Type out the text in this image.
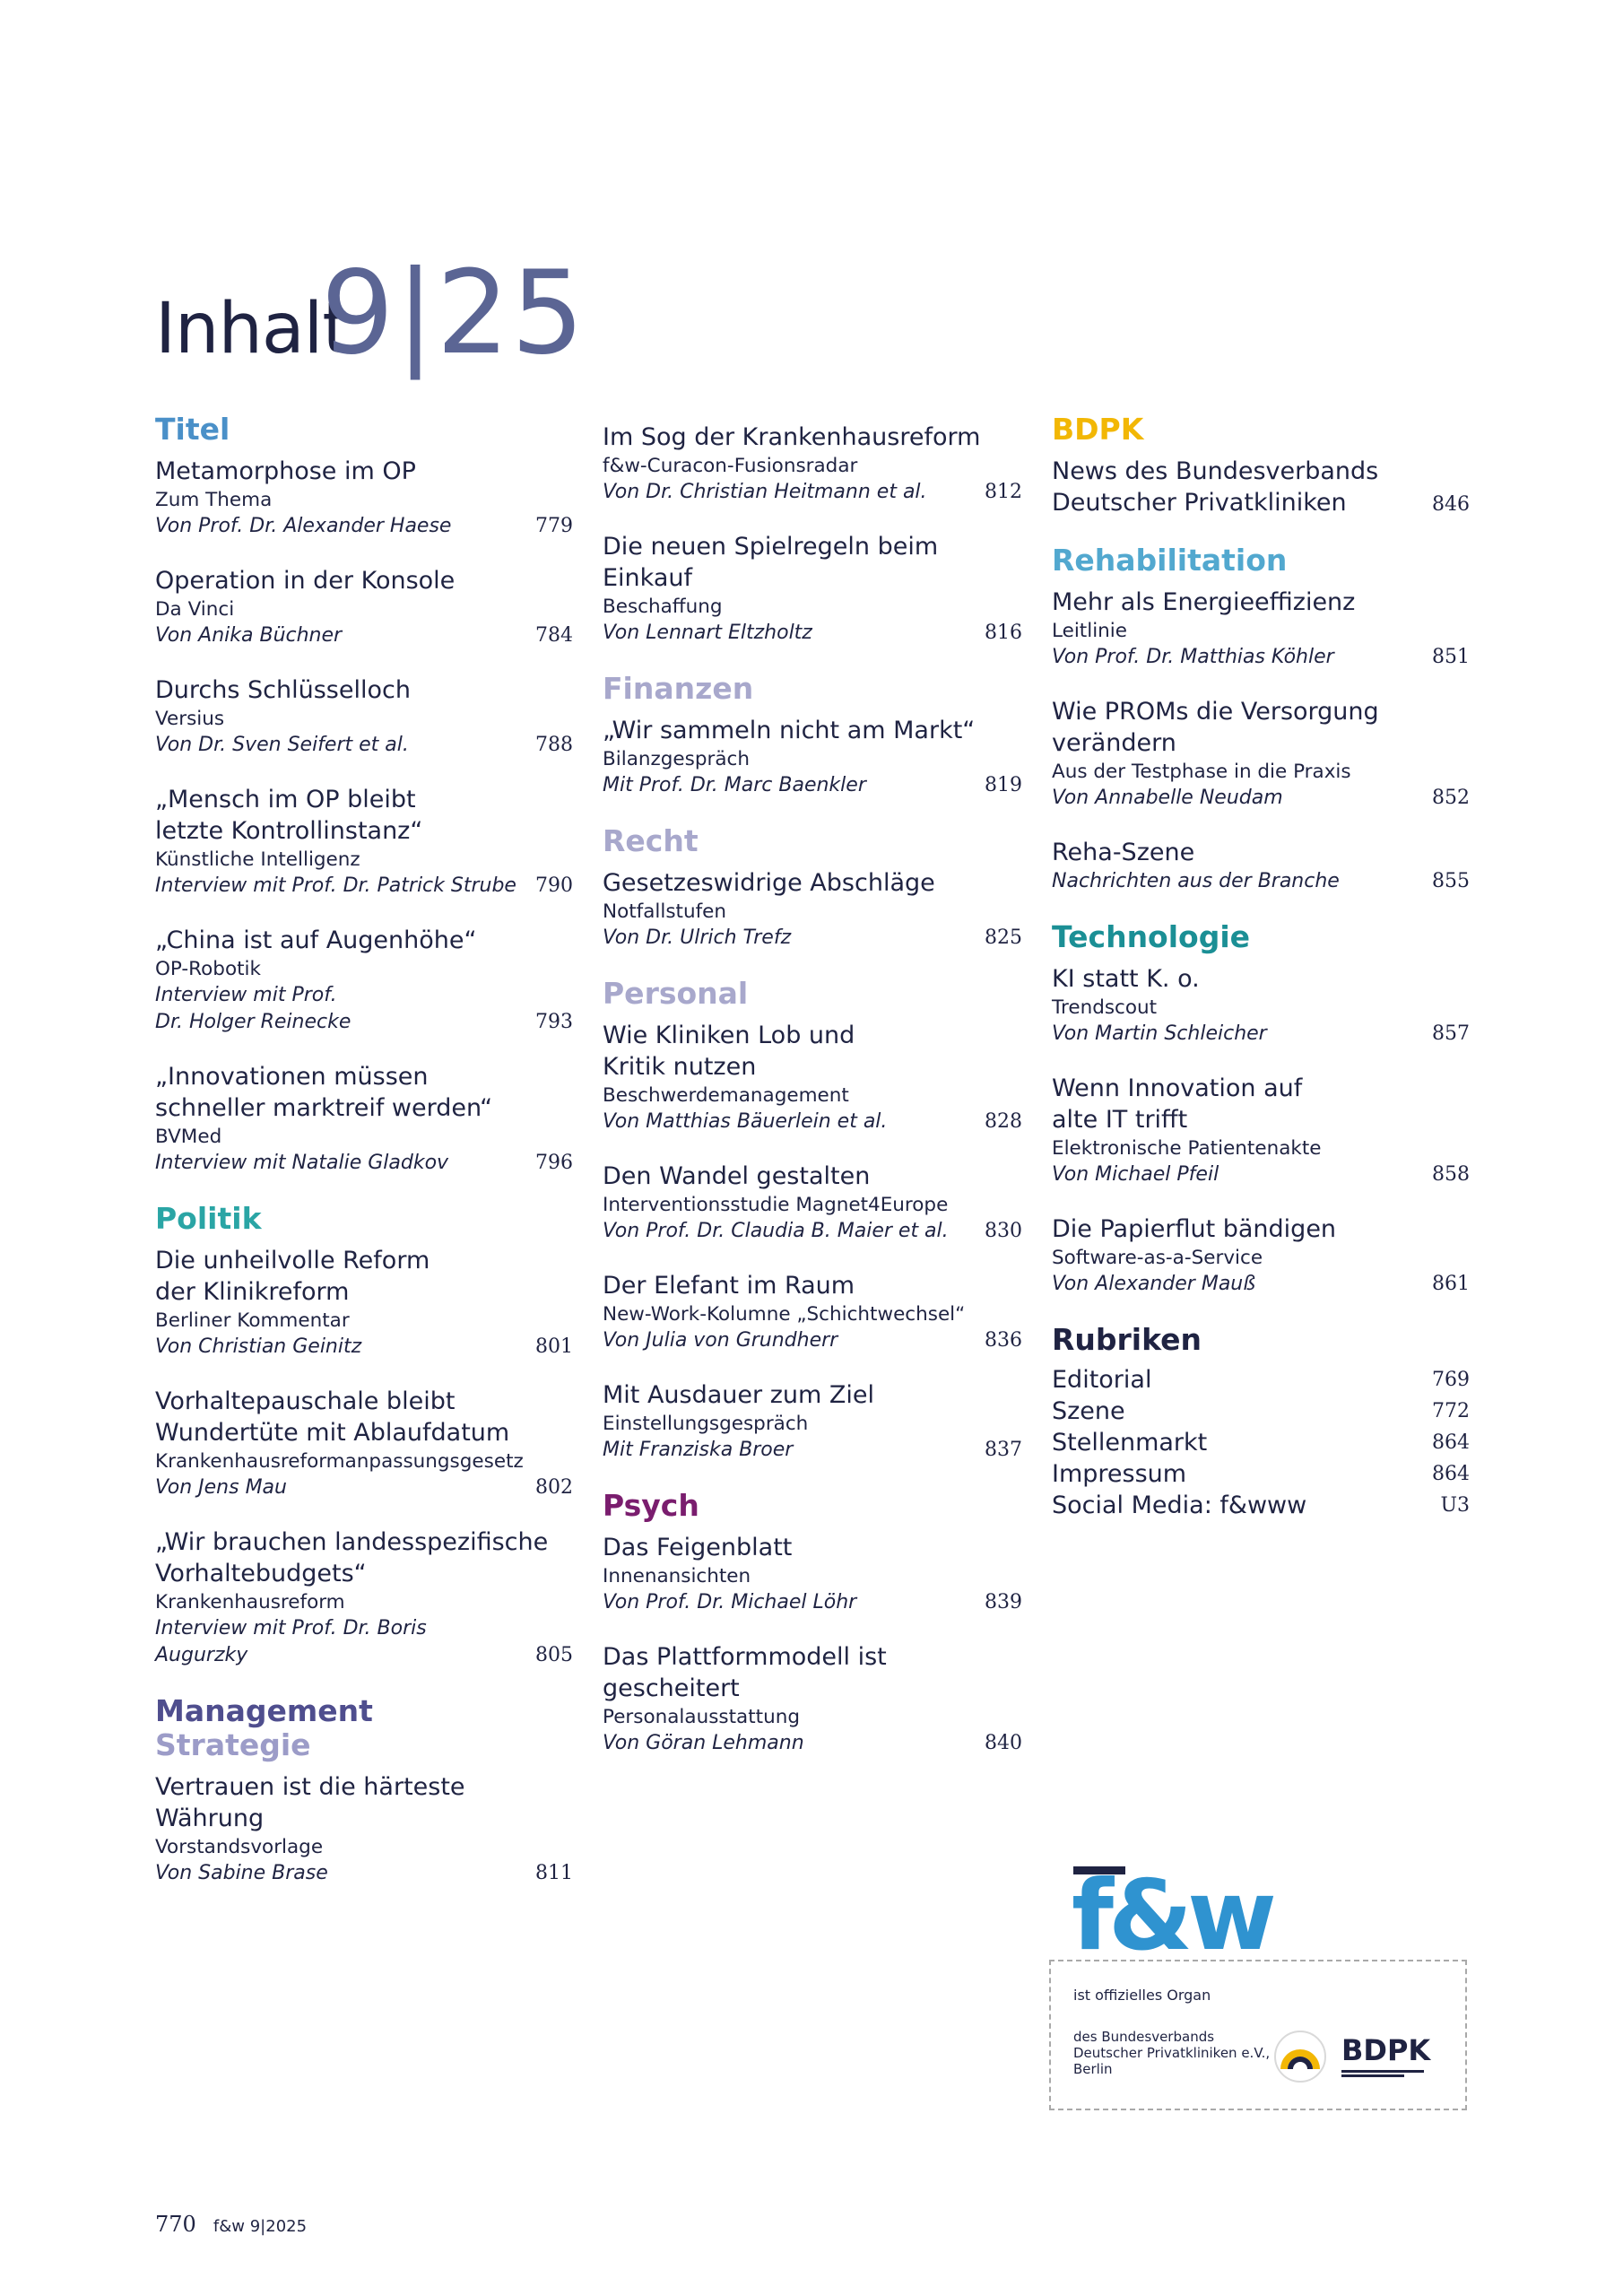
Inhalt
9|25
Titel
Metamorphose im OP
Zum Thema
Von Prof. Dr. Alexander Haese	779
Operation in der Konsole
Da Vinci
Von Anika Büchner	784
Durchs Schlüsselloch
Versius
Von Dr. Sven Seifert et al.	788
„Mensch im OP bleibt
letzte Kontrollinstanz“
Künstliche Intelligenz
Interview mit Prof. Dr. Patrick Strube 790
„China ist auf Augenhöhe“
OP-Robotik
Interview mit Prof.
Dr. Holger Reinecke	793
„Innovationen müssen
schneller marktreif werden“
BVMed
Interview mit Natalie Gladkov	796
Politik
Die unheilvolle Reform
der Klinikreform
Berliner Kommentar
Von Christian Geinitz	801
Vorhaltepauschale bleibt
Wundertüte mit Ablaufdatum
Krankenhausreformanpassungsgesetz
Von Jens Mau	802
„Wir brauchen landesspezifische
Vorhaltebudgets“
Krankenhausreform
Interview mit Prof. Dr. Boris Augurzky	805
Management
Strategie
Vertrauen ist die härteste Währung
Vorstandsvorlage
Von Sabine Brase	811
Im Sog der Krankenhausreform
f&w-Curacon-Fusionsradar
Von Dr. Christian Heitmann et al.	812
Die neuen Spielregeln beim
Einkauf
Beschaffung
Von Lennart Eltzholtz	816
Finanzen
„Wir sammeln nicht am Markt“
Bilanzgespräch
Mit Prof. Dr. Marc Baenkler	819
Recht
Gesetzeswidrige Abschläge
Notfallstufen
Von Dr. Ulrich Trefz	825
Personal
Wie Kliniken Lob und
Kritik nutzen
Beschwerdemanagement
Von Matthias Bäuerlein et al.	828
Den Wandel gestalten
Interventionsstudie Magnet4Europe
Von Prof. Dr. Claudia B. Maier et al.	830
Der Elefant im Raum
New-Work-Kolumne „Schichtwechsel“
Von Julia von Grundherr	836
Mit Ausdauer zum Ziel
Einstellungsgespräch
Mit Franziska Broer	837
Psych
Das Feigenblatt
Innenansichten
Von Prof. Dr. Michael Löhr	839
Das Plattformmodell ist
gescheitert
Personalausstattung
Von Göran Lehmann	840
BDPK
News des Bundesverbands
Deutscher Privatkliniken	846
Rehabilitation
Mehr als Energieeffizienz
Leitlinie
Von Prof. Dr. Matthias Köhler	851
Wie PROMs die Versorgung
verändern
Aus der Testphase in die Praxis
Von Annabelle Neudam	852
Reha-Szene
Nachrichten aus der Branche	855
Technologie
KI statt K. o.
Trendscout
Von Martin Schleicher	857
Wenn Innovation auf
alte IT trifft
Elektronische Patientenakte
Von Michael Pfeil	858
Die Papierflut bändigen
Software-as-a-Service
Von Alexander Mauß	861
Rubriken
Editorial	769
Szene	772
Stellenmarkt	864
Impressum	864
Social Media: f&www	U3
f&w
ist offizielles Organ
des Bundesverbands Deutscher Privatkliniken e.V., Berlin
BDPK
770 f&w 9|2025
